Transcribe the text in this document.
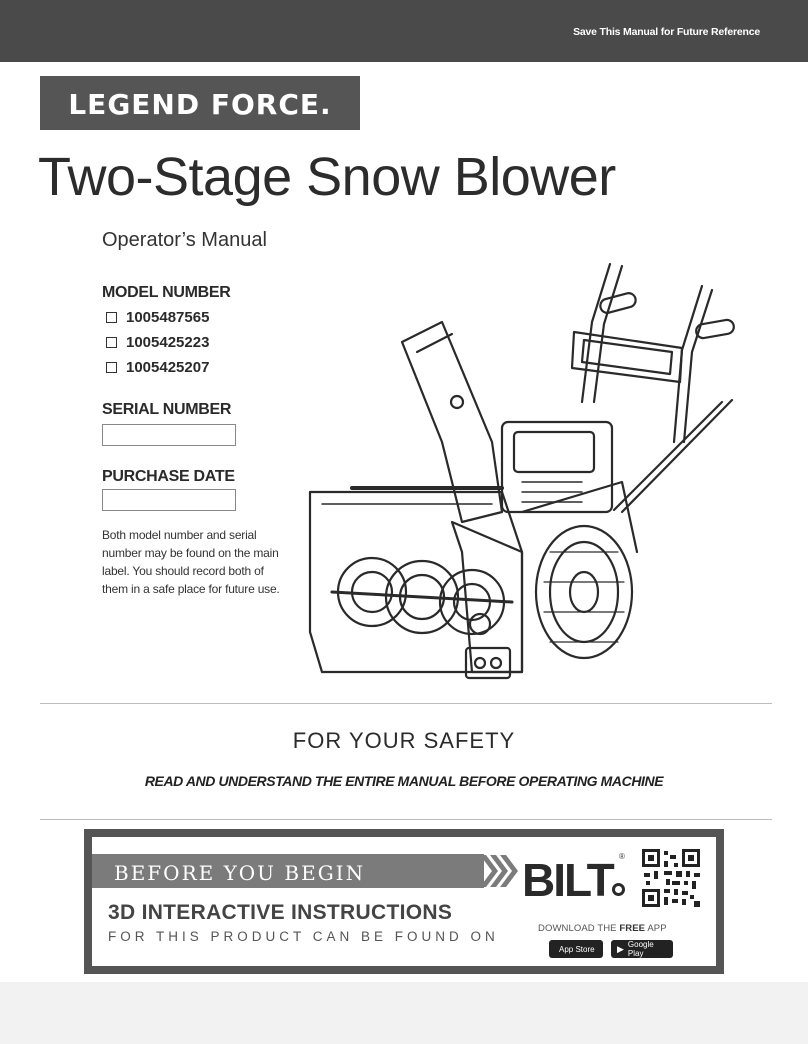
Save This Manual for Future Reference
LEGEND FORCE.
Two-Stage Snow Blower
Operator’s Manual
MODEL NUMBER
1005487565
1005425223
1005425207
SERIAL NUMBER
PURCHASE DATE
Both model number and serial number may be found on the main label. You should record both of them in a safe place for future use.
FOR YOUR SAFETY
READ AND UNDERSTAND THE ENTIRE MANUAL BEFORE OPERATING MACHINE
BEFORE YOU BEGIN
3D INTERACTIVE INSTRUCTIONS
FOR THIS PRODUCT CAN BE FOUND ON
BILT ®
DOWNLOAD THE FREE APP
App Store ▶ Google Play
